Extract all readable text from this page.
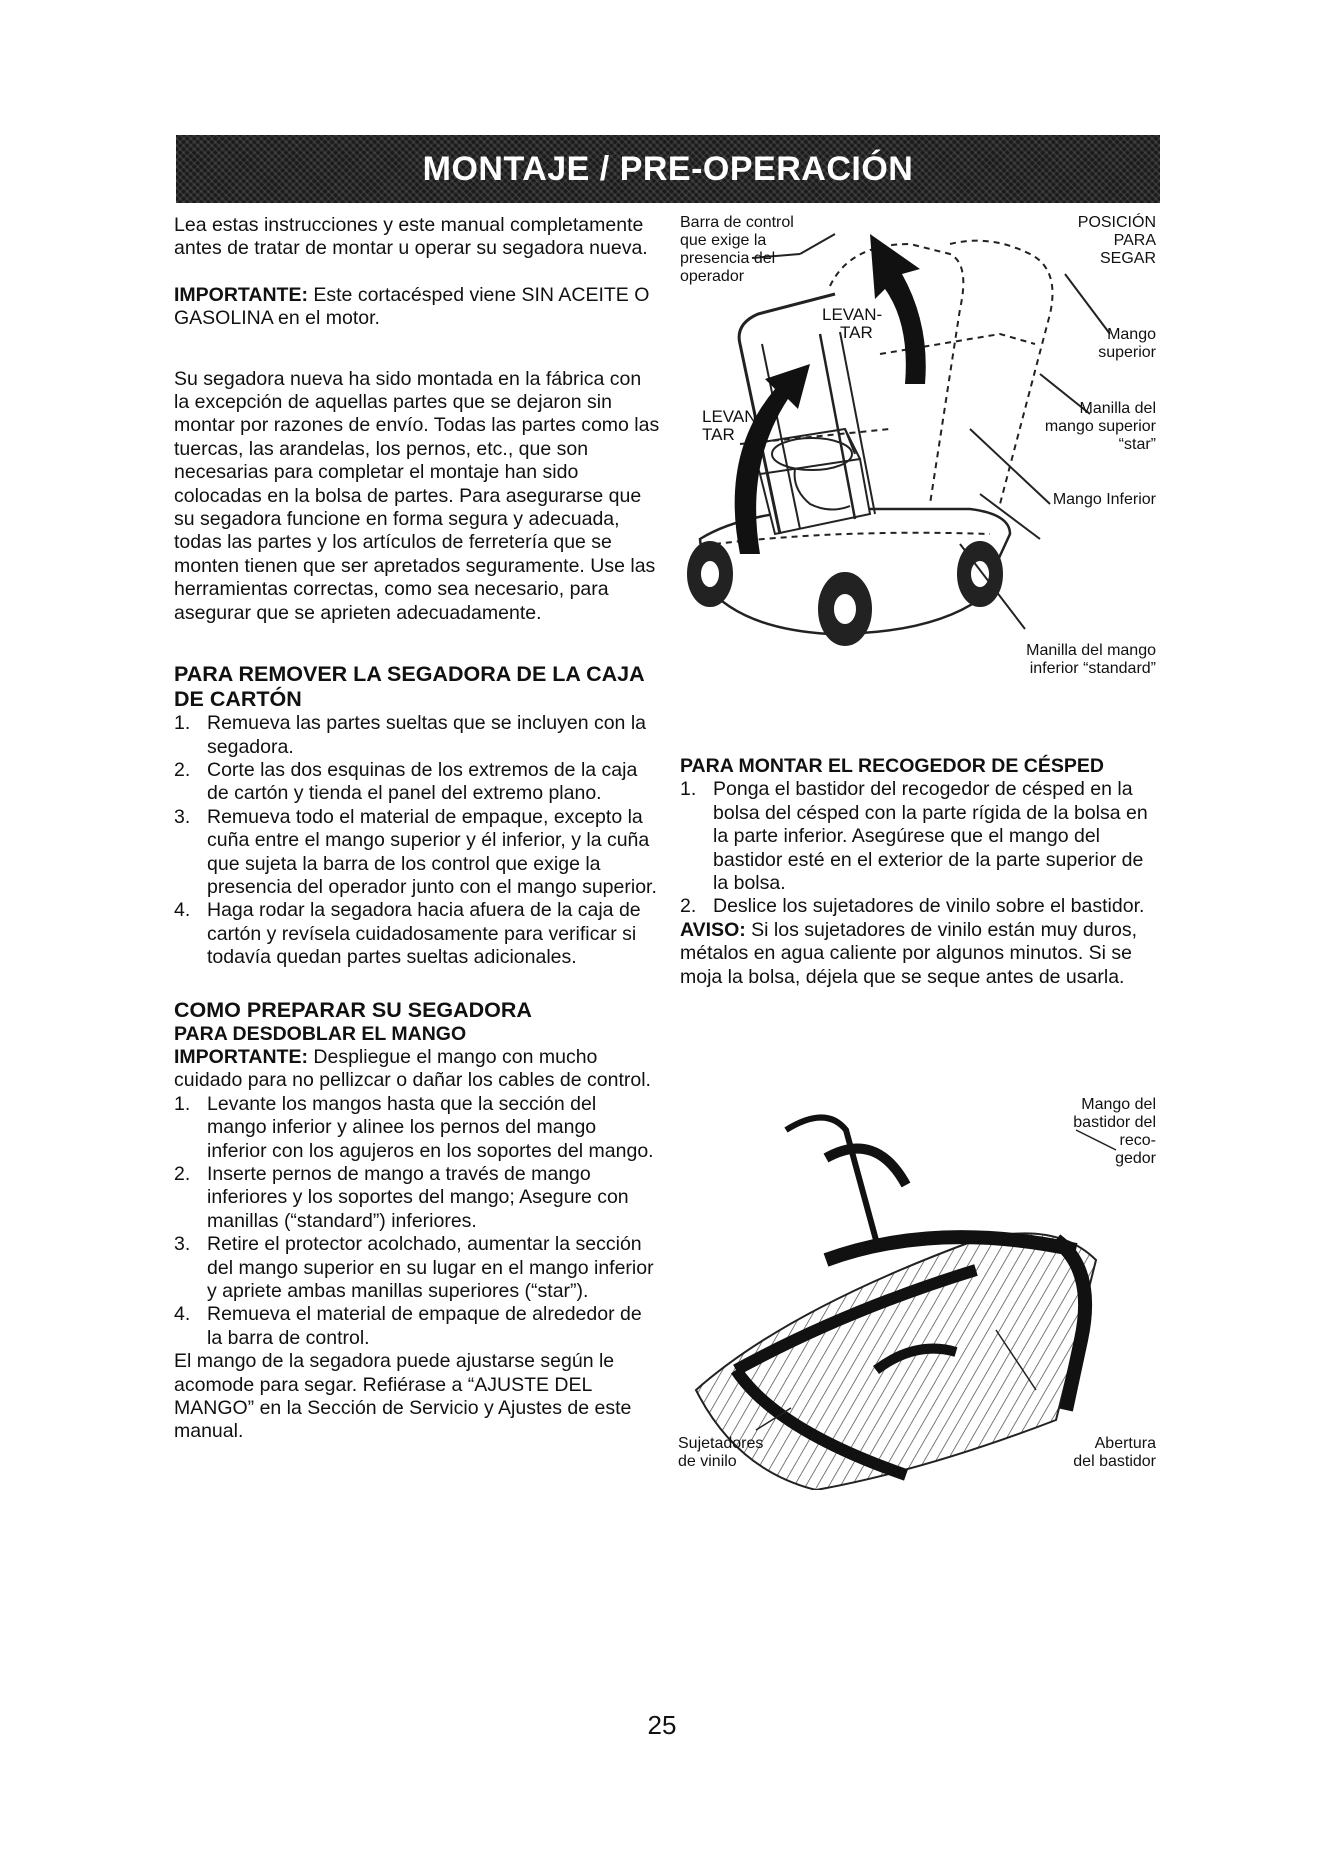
MONTAJE / PRE-OPERACIÓN

Lea estas instrucciones y este manual completamente antes de tratar de montar u operar su segadora nueva.

IMPORTANTE: Este cortacésped viene SIN ACEITE O GASOLINA en el motor.

Su segadora nueva ha sido montada en la fábrica con la excepción de aquellas partes que se dejaron sin montar por razones de envío. Todas las partes como las tuercas, las arandelas, los pernos, etc., que son necesarias para completar el montaje han sido colocadas en la bolsa de partes. Para asegurarse que su segadora funcione en forma segura y adecuada, todas las partes y los artículos de ferretería que se monten tienen que ser apretados seguramente. Use las herramientas correctas, como sea necesario, para asegurar que se aprieten adecuadamente.

PARA REMOVER LA SEGADORA DE LA CAJA DE CARTÓN
1. Remueva las partes sueltas que se incluyen con la segadora.
2. Corte las dos esquinas de los extremos de la caja de cartón y tienda el panel del extremo plano.
3. Remueva todo el material de empaque, excepto la cuña entre el mango superior y él inferior, y la cuña que sujeta la barra de los control que exige la presencia del operador junto con el mango superior.
4. Haga rodar la segadora hacia afuera de la caja de cartón y revísela cuidadosamente para verificar si todavía quedan partes sueltas adicionales.
COMO PREPARAR SU SEGADORA
PARA DESDOBLAR EL MANGO

IMPORTANTE: Despliegue el mango con mucho cuidado para no pellizcar o dañar los cables de control.

1. Levante los mangos hasta que la sección del mango inferior y alinee los pernos del mango inferior con los agujeros en los soportes del mango.
2. Inserte pernos de mango a través de mango inferiores y los soportes del mango; Asegure con manillas (“standard”) inferiores.
3. Retire el protector acolchado, aumentar la sección del mango superior en su lugar en el mango inferior y apriete ambas manillas superiores (“star”).
4. Remueva el material de empaque de alrededor de la barra de control.

El mango de la segadora puede ajustarse según le acomode para segar. Refiérase a “AJUSTE DEL MANGO” en la Sección de Servicio y Ajustes de este manual.

Barra de control
que exige la
presencia del
operador
POSICIÓN
PARA
SEGAR
LEVAN-
TAR
LEVAN-
TAR
Mango
superior
Manilla del
mango superior
“star”
Mango Inferior
Manilla del mango
inferior “standard”
PARA MONTAR EL RECOGEDOR DE CÉSPED
1. Ponga el bastidor del recogedor de césped en la bolsa del césped con la parte rígida de la bolsa en la parte inferior. Asegúrese que el mango del bastidor esté en el exterior de la parte superior de la bolsa.
2. Deslice los sujetadores de vinilo sobre el bastidor.

AVISO: Si los sujetadores de vinilo están muy duros, métalos en agua caliente por algunos minutos. Si se moja la bolsa, déjela que se seque antes de usarla.

Mango del
bastidor del
reco-
gedor
Sujetadores
de vinilo
Abertura
del bastidor
25
